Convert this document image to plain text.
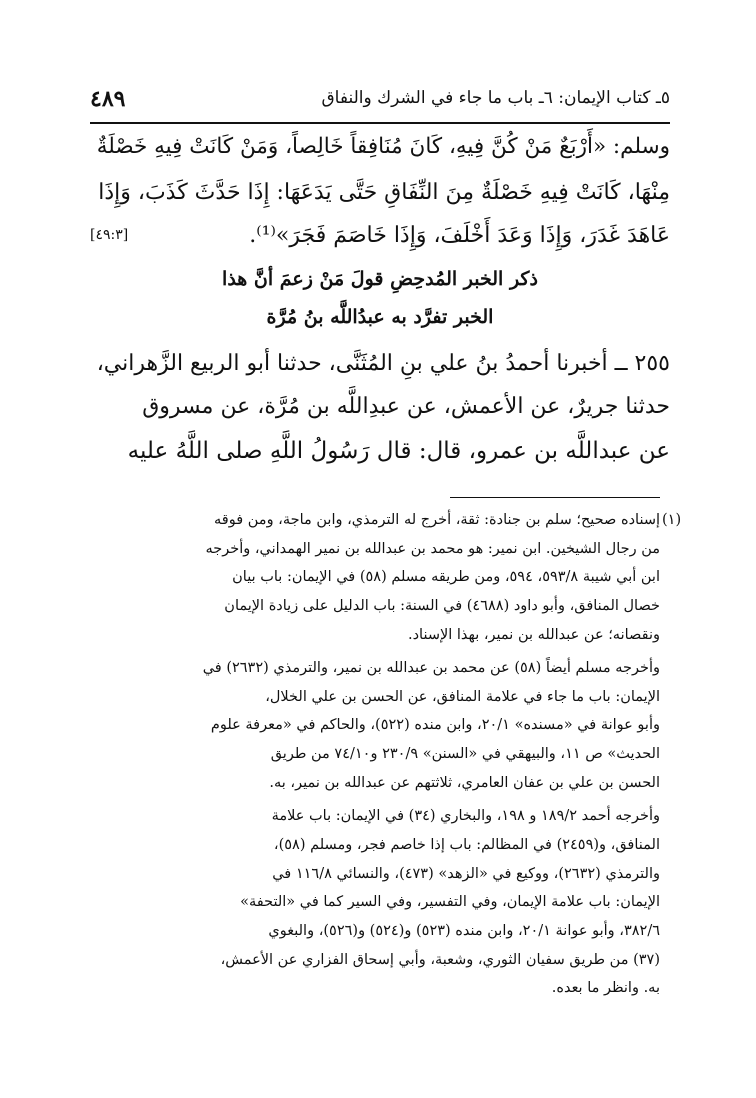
٥ـ كتاب الإيمان: ٦ـ باب ما جاء في الشرك والنفاق
٤٨٩
وسلم: «أَرْبَعٌ مَنْ كُنَّ فِيهِ، كَانَ مُنَافِقاً خَالِصاً، وَمَنْ كَانَتْ فِيهِ خَصْلَةٌ
مِنْهَا، كَانَتْ فِيهِ خَصْلَةٌ مِنَ النِّفَاقِ حَتَّى يَدَعَهَا: إِذَا حَدَّثَ كَذَبَ، وَإِذَا
عَاهَدَ غَدَرَ، وَإِذَا وَعَدَ أَخْلَفَ، وَإِذَا خَاصَمَ فَجَرَ»⁽¹⁾.
[٤٩:٣]
ذكر الخبر المُدحِضِ قولَ مَنْ زعمَ أنَّ هذا
الخبر تفرَّد به عبدُاللَّه بنُ مُرَّة
٢٥٥ ــ أخبرنا أحمدُ بنُ علي بنِ المُثَنَّى، حدثنا أبو الربيع الزَّهراني،
حدثنا جريرٌ، عن الأعمش، عن عبدِاللَّه بن مُرَّة، عن مسروق
عن عبداللَّه بن عمرو، قال: قال رَسُولُ اللَّهِ صلى اللَّهُ عليه
(١)
إسناده صحيح؛ سلم بن جنادة: ثقة، أخرج له الترمذي، وابن ماجة، ومن فوقه
من رجال الشيخين. ابن نمير: هو محمد بن عبدالله بن نمير الهمداني، وأخرجه
ابن أبي شيبة ٥٩٣/٨، ٥٩٤، ومن طريقه مسلم (٥٨) في الإيمان: باب بيان
خصال المنافق، وأبو داود (٤٦٨٨) في السنة: باب الدليل على زيادة الإيمان
ونقصانه؛ عن عبدالله بن نمير، بهذا الإسناد.
وأخرجه مسلم أيضاً (٥٨) عن محمد بن عبدالله بن نمير، والترمذي (٢٦٣٢) في
الإيمان: باب ما جاء في علامة المنافق، عن الحسن بن علي الخلال،
وأبو عوانة في «مسنده» ٢٠/١، وابن منده (٥٢٢)، والحاكم في «معرفة علوم
الحديث» ص ١١، والبيهقي في «السنن» ٢٣٠/٩ و٧٤/١٠ من طريق
الحسن بن علي بن عفان العامري، ثلاثتهم عن عبدالله بن نمير، به.
وأخرجه أحمد ١٨٩/٢ و ١٩٨، والبخاري (٣٤) في الإيمان: باب علامة
المنافق، و(٢٤٥٩) في المظالم: باب إذا خاصم فجر، ومسلم (٥٨)،
والترمذي (٢٦٣٢)، ووكيع في «الزهد» (٤٧٣)، والنسائي ١١٦/٨ في
الإيمان: باب علامة الإيمان، وفي التفسير، وفي السير كما في «التحفة»
٣٨٢/٦، وأبو عوانة ٢٠/١، وابن منده (٥٢٣) و(٥٢٤) و(٥٢٦)، والبغوي
(٣٧) من طريق سفيان الثوري، وشعبة، وأبي إسحاق الفزاري عن الأعمش،
به. وانظر ما بعده.
